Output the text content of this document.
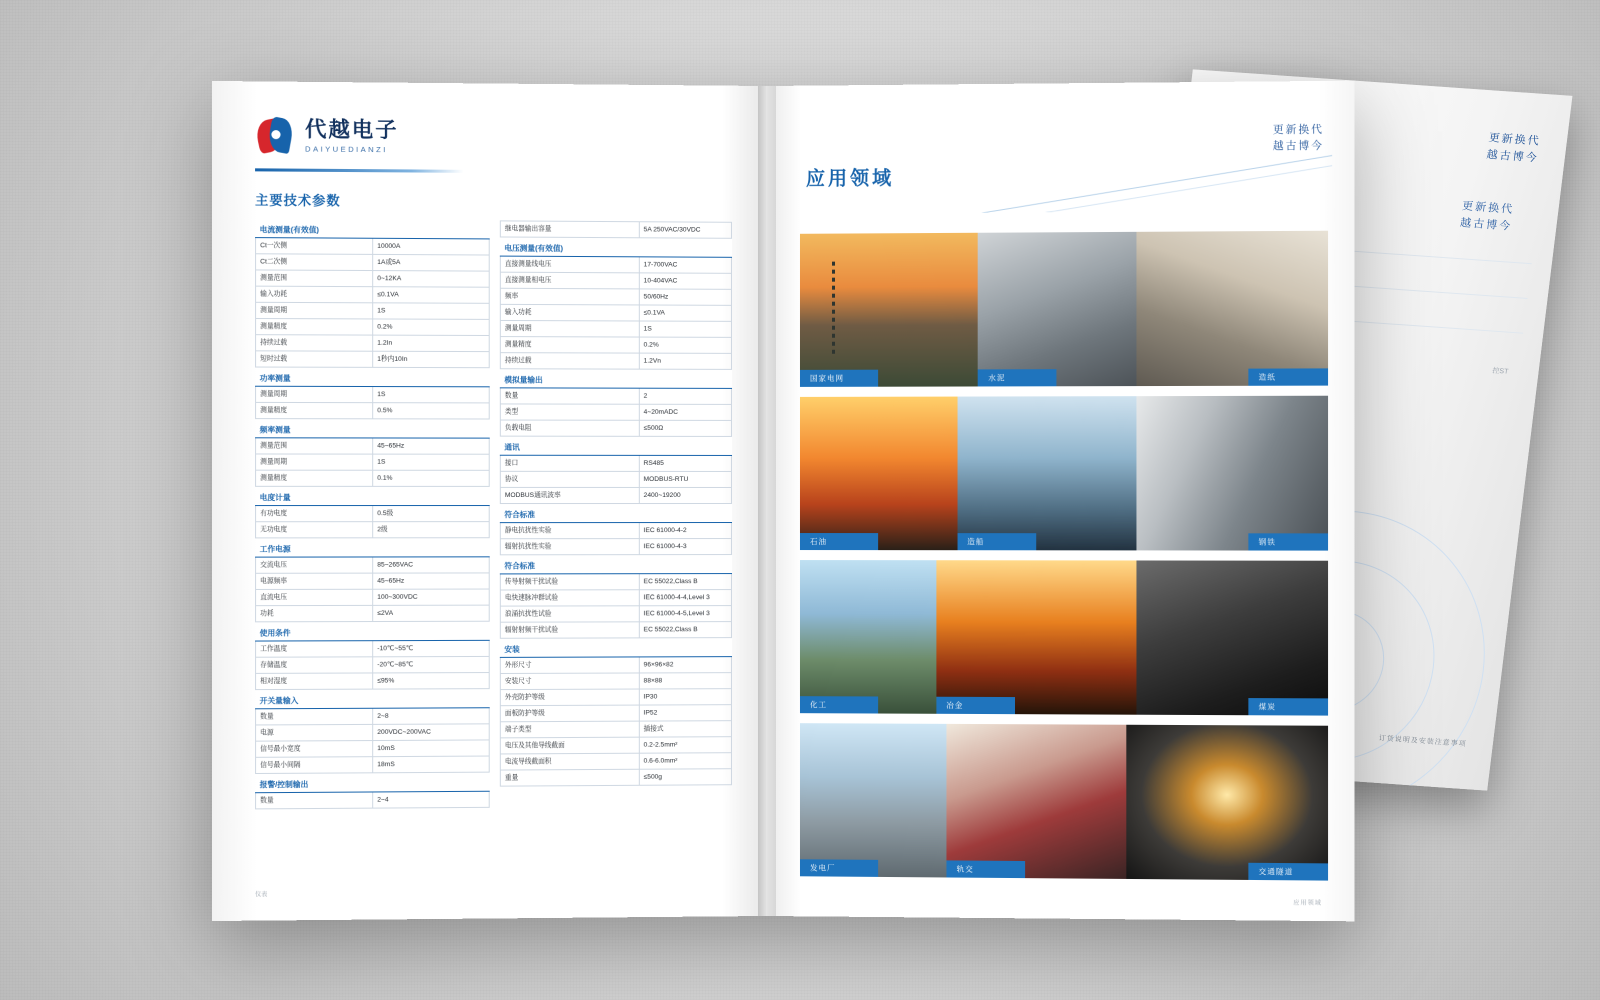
更新换代
越古博今
更新换代
越古博今
控ST
订货说明及安装注意事项
代越电子
DAIYUEDIANZI
主要技术参数
电流测量(有效值)	
Ct一次侧	10000A
Ct二次侧	1A或5A
测量范围	0~12KA
输入功耗	≤0.1VA
测量周期	1S
测量精度	0.2%
持续过载	1.2In
短时过载	1秒内10In
功率测量	
测量周期	1S
测量精度	0.5%
频率测量	
测量范围	45~65Hz
测量周期	1S
测量精度	0.1%
电度计量	
有功电度	0.5级
无功电度	2级
工作电源	
交流电压	85~265VAC
电源频率	45~65Hz
直流电压	100~300VDC
功耗	≤2VA
使用条件	
工作温度	-10℃~55℃
存储温度	-20℃~85℃
相对湿度	≤95%
开关量输入	
数量	2~8
电源	200VDC~200VAC
信号最小宽度	10mS
信号最小间隔	18mS
报警/控制输出	
数量	2~4
继电器输出容量	5A 250VAC/30VDC
电压测量(有效值)	
直接测量线电压	17-700VAC
直接测量相电压	10-404VAC
频率	50/60Hz
输入功耗	≤0.1VA
测量周期	1S
测量精度	0.2%
持续过载	1.2Vn
模拟量输出	
数量	2
类型	4~20mADC
负载电阻	≤500Ω
通讯	
接口	RS485
协议	MODBUS-RTU
MODBUS通讯波率	2400~19200
符合标准	
静电抗扰性实验	IEC 61000-4-2
辐射抗扰性实验	IEC 61000-4-3
符合标准	
传导射频干扰试验	EC 55022,Class B
电快速脉冲群试验	IEC 61000-4-4,Level 3
浪涌抗扰性试验	IEC 61000-4-5,Level 3
辐射射频干扰试验	EC 55022,Class B
安装	
外形尺寸	96×96×82
安装尺寸	88×88
外壳防护等级	IP30
面板防护等级	IP52
端子类型	插接式
电压及其他导线截面	0.2-2.5mm²
电流导线截面积	0.6-6.0mm²
重量	≤500g
仪表
更新换代
越古博今
应用领域
国家电网	水泥	造纸
石油	造船	钢铁
化工	冶金	煤炭
发电厂	轨交	交通隧道
应用领域
